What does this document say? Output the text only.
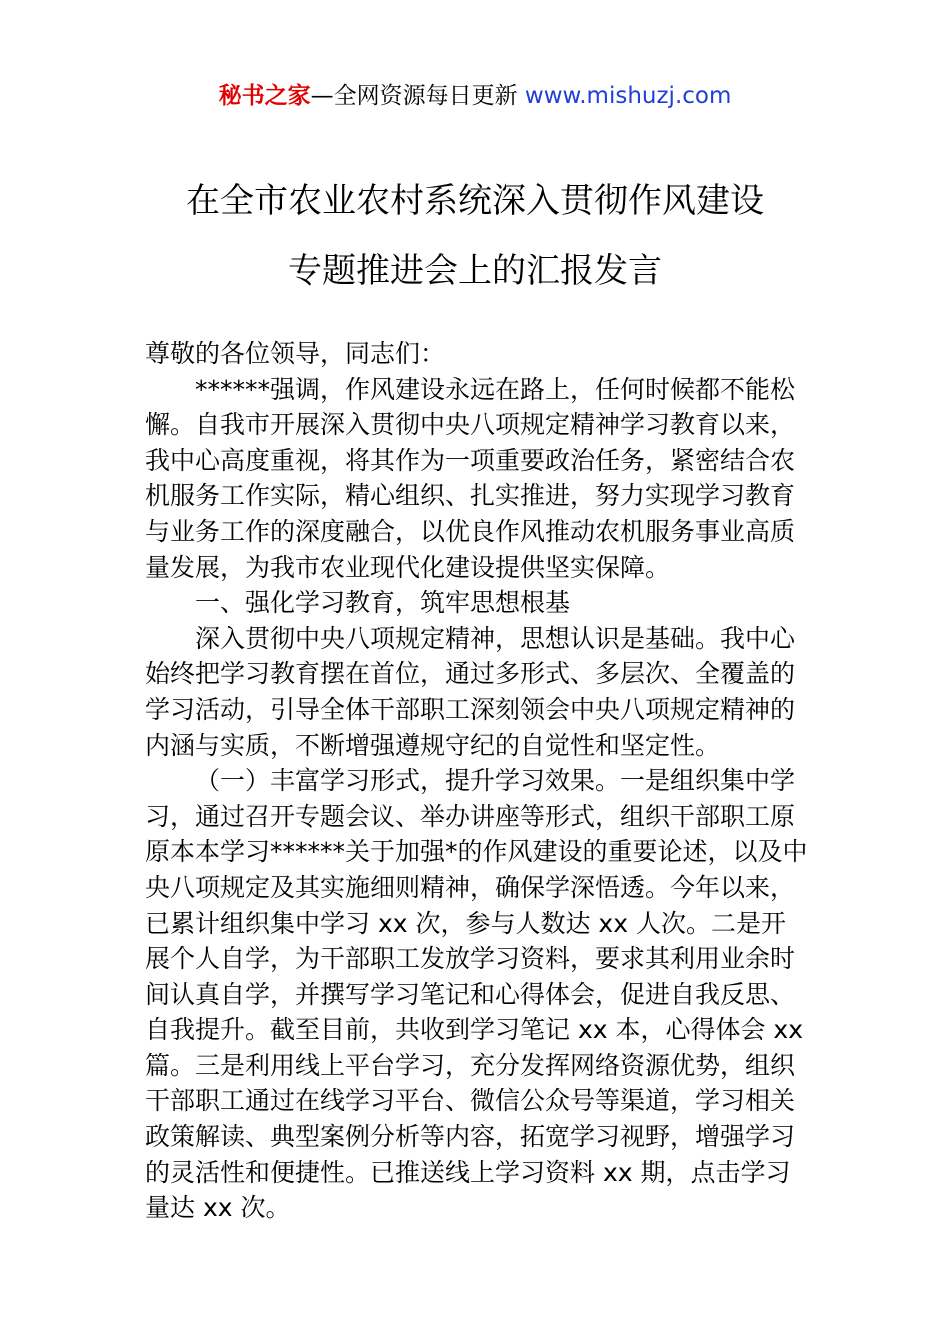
秘书之家—全网资源每日更新 www.mishuzj.com
在全市农业农村系统深入贯彻作风建设
专题推进会上的汇报发言

尊敬的各位领导，同志们：

******强调，作风建设永远在路上，任何时候都不能松懈。自我市开展深入贯彻中央八项规定精神学习教育以来，我中心高度重视，将其作为一项重要政治任务，紧密结合农机服务工作实际，精心组织、扎实推进，努力实现学习教育与业务工作的深度融合，以优良作风推动农机服务事业高质量发展，为我市农业现代化建设提供坚实保障。

一、强化学习教育，筑牢思想根基

深入贯彻中央八项规定精神，思想认识是基础。我中心始终把学习教育摆在首位，通过多形式、多层次、全覆盖的学习活动，引导全体干部职工深刻领会中央八项规定精神的内涵与实质，不断增强遵规守纪的自觉性和坚定性。

（一）丰富学习形式，提升学习效果。一是组织集中学习，通过召开专题会议、举办讲座等形式，组织干部职工原原本本学习******关于加强*的作风建设的重要论述，以及中央八项规定及其实施细则精神，确保学深悟透。今年以来，已累计组织集中学习 xx 次，参与人数达 xx 人次。二是开展个人自学，为干部职工发放学习资料，要求其利用业余时间认真自学，并撰写学习笔记和心得体会，促进自我反思、自我提升。截至目前，共收到学习笔记 xx 本，心得体会 xx 篇。三是利用线上平台学习，充分发挥网络资源优势，组织干部职工通过在线学习平台、微信公众号等渠道，学习相关政策解读、典型案例分析等内容，拓宽学习视野，增强学习的灵活性和便捷性。已推送线上学习资料 xx 期，点击学习量达 xx 次。
